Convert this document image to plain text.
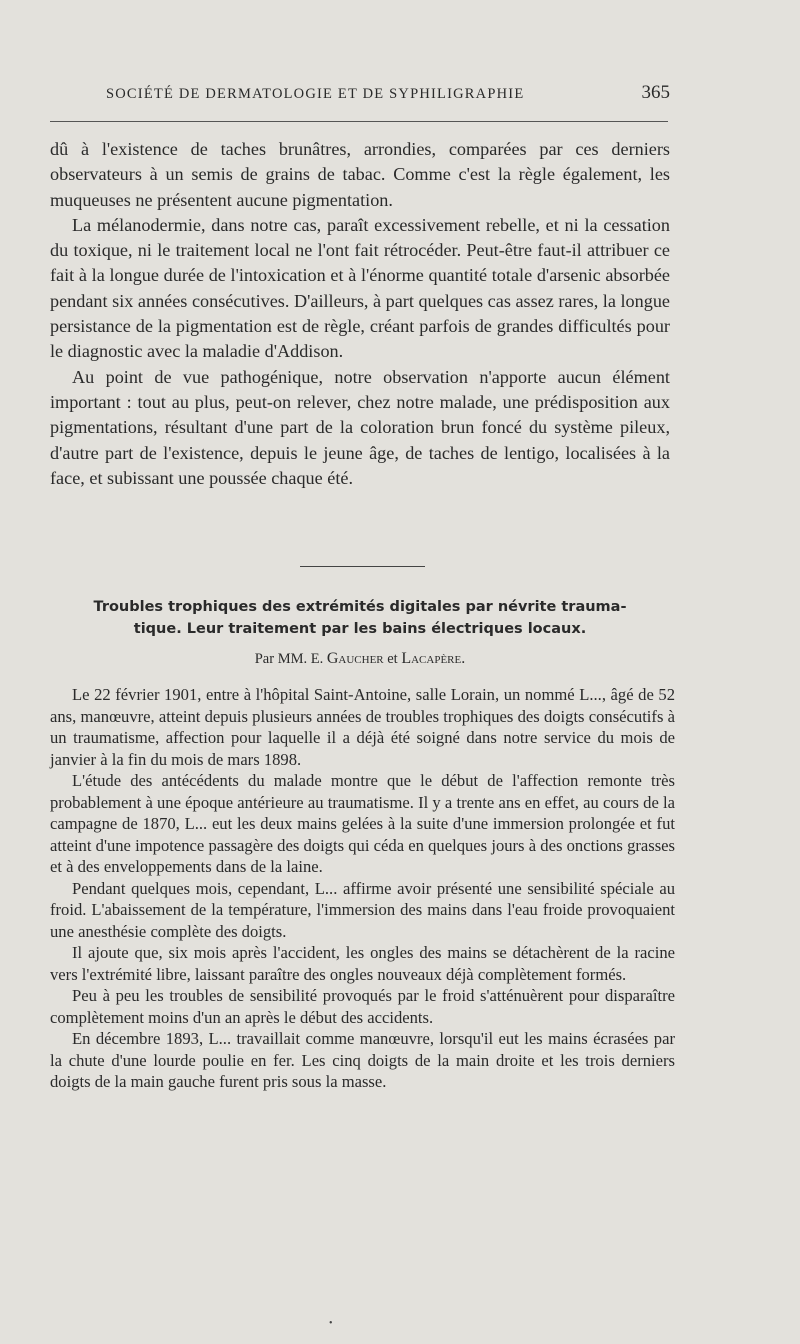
SOCIÉTÉ DE DERMATOLOGIE ET DE SYPHILIGRAPHIE	365

dû à l'existence de taches brunâtres, arrondies, comparées par ces derniers observateurs à un semis de grains de tabac. Comme c'est la règle également, les muqueuses ne présentent aucune pigmentation.

La mélanodermie, dans notre cas, paraît excessivement rebelle, et ni la cessation du toxique, ni le traitement local ne l'ont fait rétrocéder. Peut-être faut-il attribuer ce fait à la longue durée de l'intoxication et à l'énorme quantité totale d'arsenic absorbée pendant six années consécutives. D'ailleurs, à part quelques cas assez rares, la longue persistance de la pigmentation est de règle, créant parfois de grandes difficultés pour le diagnostic avec la maladie d'Addison.

Au point de vue pathogénique, notre observation n'apporte aucun élément important : tout au plus, peut-on relever, chez notre malade, une prédisposition aux pigmentations, résultant d'une part de la coloration brun foncé du système pileux, d'autre part de l'existence, depuis le jeune âge, de taches de lentigo, localisées à la face, et subissant une poussée chaque été.

Troubles trophiques des extrémités digitales par névrite trauma-
tique. Leur traitement par les bains électriques locaux.
Par MM. E. Gaucher et Lacapère.

Le 22 février 1901, entre à l'hôpital Saint-Antoine, salle Lorain, un nommé L..., âgé de 52 ans, manœuvre, atteint depuis plusieurs années de troubles trophiques des doigts consécutifs à un traumatisme, affection pour laquelle il a déjà été soigné dans notre service du mois de janvier à la fin du mois de mars 1898.

L'étude des antécédents du malade montre que le début de l'affection remonte très probablement à une époque antérieure au traumatisme. Il y a trente ans en effet, au cours de la campagne de 1870, L... eut les deux mains gelées à la suite d'une immersion prolongée et fut atteint d'une impotence passagère des doigts qui céda en quelques jours à des onctions grasses et à des enveloppements dans de la laine.

Pendant quelques mois, cependant, L... affirme avoir présenté une sensibilité spéciale au froid. L'abaissement de la température, l'immersion des mains dans l'eau froide provoquaient une anesthésie complète des doigts.

Il ajoute que, six mois après l'accident, les ongles des mains se détachèrent de la racine vers l'extrémité libre, laissant paraître des ongles nouveaux déjà complètement formés.

Peu à peu les troubles de sensibilité provoqués par le froid s'atténuèrent pour disparaître complètement moins d'un an après le début des accidents.

En décembre 1893, L... travaillait comme manœuvre, lorsqu'il eut les mains écrasées par la chute d'une lourde poulie en fer. Les cinq doigts de la main droite et les trois derniers doigts de la main gauche furent pris sous la masse.

•
